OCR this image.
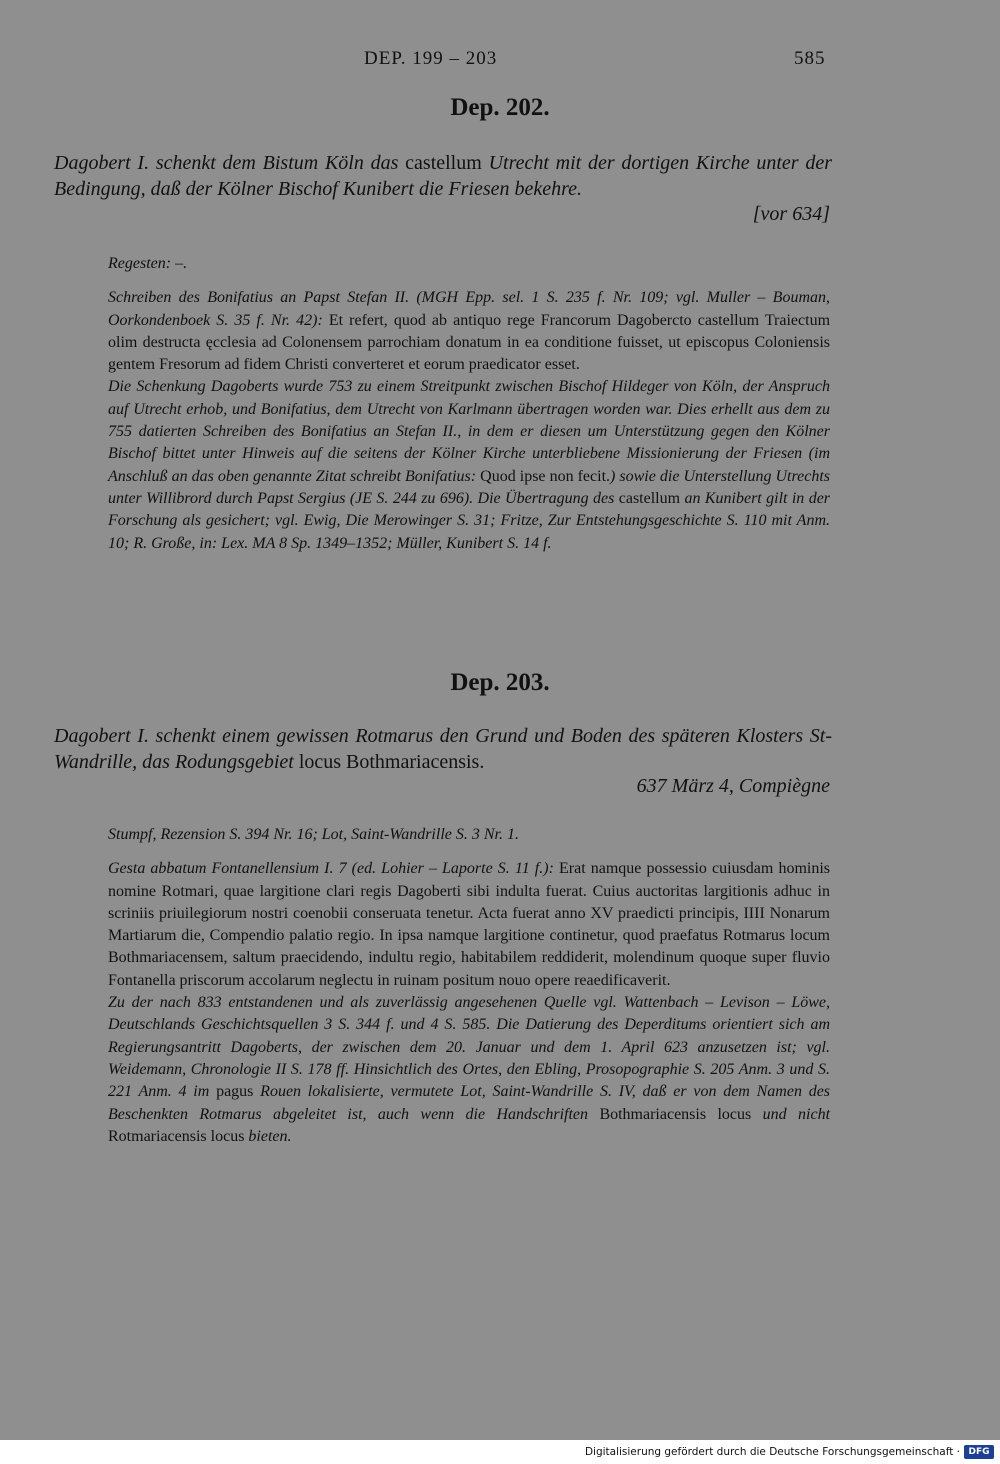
DEP. 199 – 203	585
Dep. 202.
Dagobert I. schenkt dem Bistum Köln das castellum Utrecht mit der dortigen Kirche unter der Bedingung, daß der Kölner Bischof Kunibert die Friesen bekehre.
[vor 634]

Regesten: –.

Schreiben des Bonifatius an Papst Stefan II. (MGH Epp. sel. 1 S. 235 f. Nr. 109; vgl. Muller – Bouman, Oorkondenboek S. 35 f. Nr. 42): Et refert, quod ab antiquo rege Francorum Dagobercto castellum Traiectum olim destructa ęcclesia ad Colonensem parrochiam donatum in ea conditione fuisset, ut episcopus Coloniensis gentem Fresorum ad fidem Christi converteret et eorum praedicator esset.

Die Schenkung Dagoberts wurde 753 zu einem Streitpunkt zwischen Bischof Hildeger von Köln, der Anspruch auf Utrecht erhob, und Bonifatius, dem Utrecht von Karlmann übertragen worden war. Dies erhellt aus dem zu 755 datierten Schreiben des Bonifatius an Stefan II., in dem er diesen um Unterstützung gegen den Kölner Bischof bittet unter Hinweis auf die seitens der Kölner Kirche unterbliebene Missionierung der Friesen (im Anschluß an das oben genannte Zitat schreibt Bonifatius: Quod ipse non fecit.) sowie die Unterstellung Utrechts unter Willibrord durch Papst Sergius (JE S. 244 zu 696). Die Übertragung des castellum an Kunibert gilt in der Forschung als gesichert; vgl. Ewig, Die Merowinger S. 31; Fritze, Zur Entstehungsgeschichte S. 110 mit Anm. 10; R. Große, in: Lex. MA 8 Sp. 1349–1352; Müller, Kunibert S. 14 f.

Dep. 203.
Dagobert I. schenkt einem gewissen Rotmarus den Grund und Boden des späteren Klosters St-Wandrille, das Rodungsgebiet locus Bothmariacensis.
637 März 4, Compiègne

Stumpf, Rezension S. 394 Nr. 16; Lot, Saint-Wandrille S. 3 Nr. 1.

Gesta abbatum Fontanellensium I. 7 (ed. Lohier – Laporte S. 11 f.): Erat namque possessio cuiusdam hominis nomine Rotmari, quae largitione clari regis Dagoberti sibi indulta fuerat. Cuius auctoritas largitionis adhuc in scriniis priuilegiorum nostri coenobii conseruata tenetur. Acta fuerat anno XV praedicti principis, IIII Nonarum Martiarum die, Compendio palatio regio. In ipsa namque largitione continetur, quod praefatus Rotmarus locum Bothmariacensem, saltum praecidendo, indultu regio, habitabilem reddiderit, molendinum quoque super fluvio Fontanella priscorum accolarum neglectu in ruinam positum nouo opere reaedificaverit.

Zu der nach 833 entstandenen und als zuverlässig angesehenen Quelle vgl. Wattenbach – Levison – Löwe, Deutschlands Geschichtsquellen 3 S. 344 f. und 4 S. 585. Die Datierung des Deperditums orientiert sich am Regierungsantritt Dagoberts, der zwischen dem 20. Januar und dem 1. April 623 anzusetzen ist; vgl. Weidemann, Chronologie II S. 178 ff. Hinsichtlich des Ortes, den Ebling, Prosopographie S. 205 Anm. 3 und S. 221 Anm. 4 im pagus Rouen lokalisierte, vermutete Lot, Saint-Wandrille S. IV, daß er von dem Namen des Beschenkten Rotmarus abgeleitet ist, auch wenn die Handschriften Bothmariacensis locus und nicht Rotmariacensis locus bieten.

Digitalisierung gefördert durch die Deutsche Forschungsgemeinschaft · DFG
